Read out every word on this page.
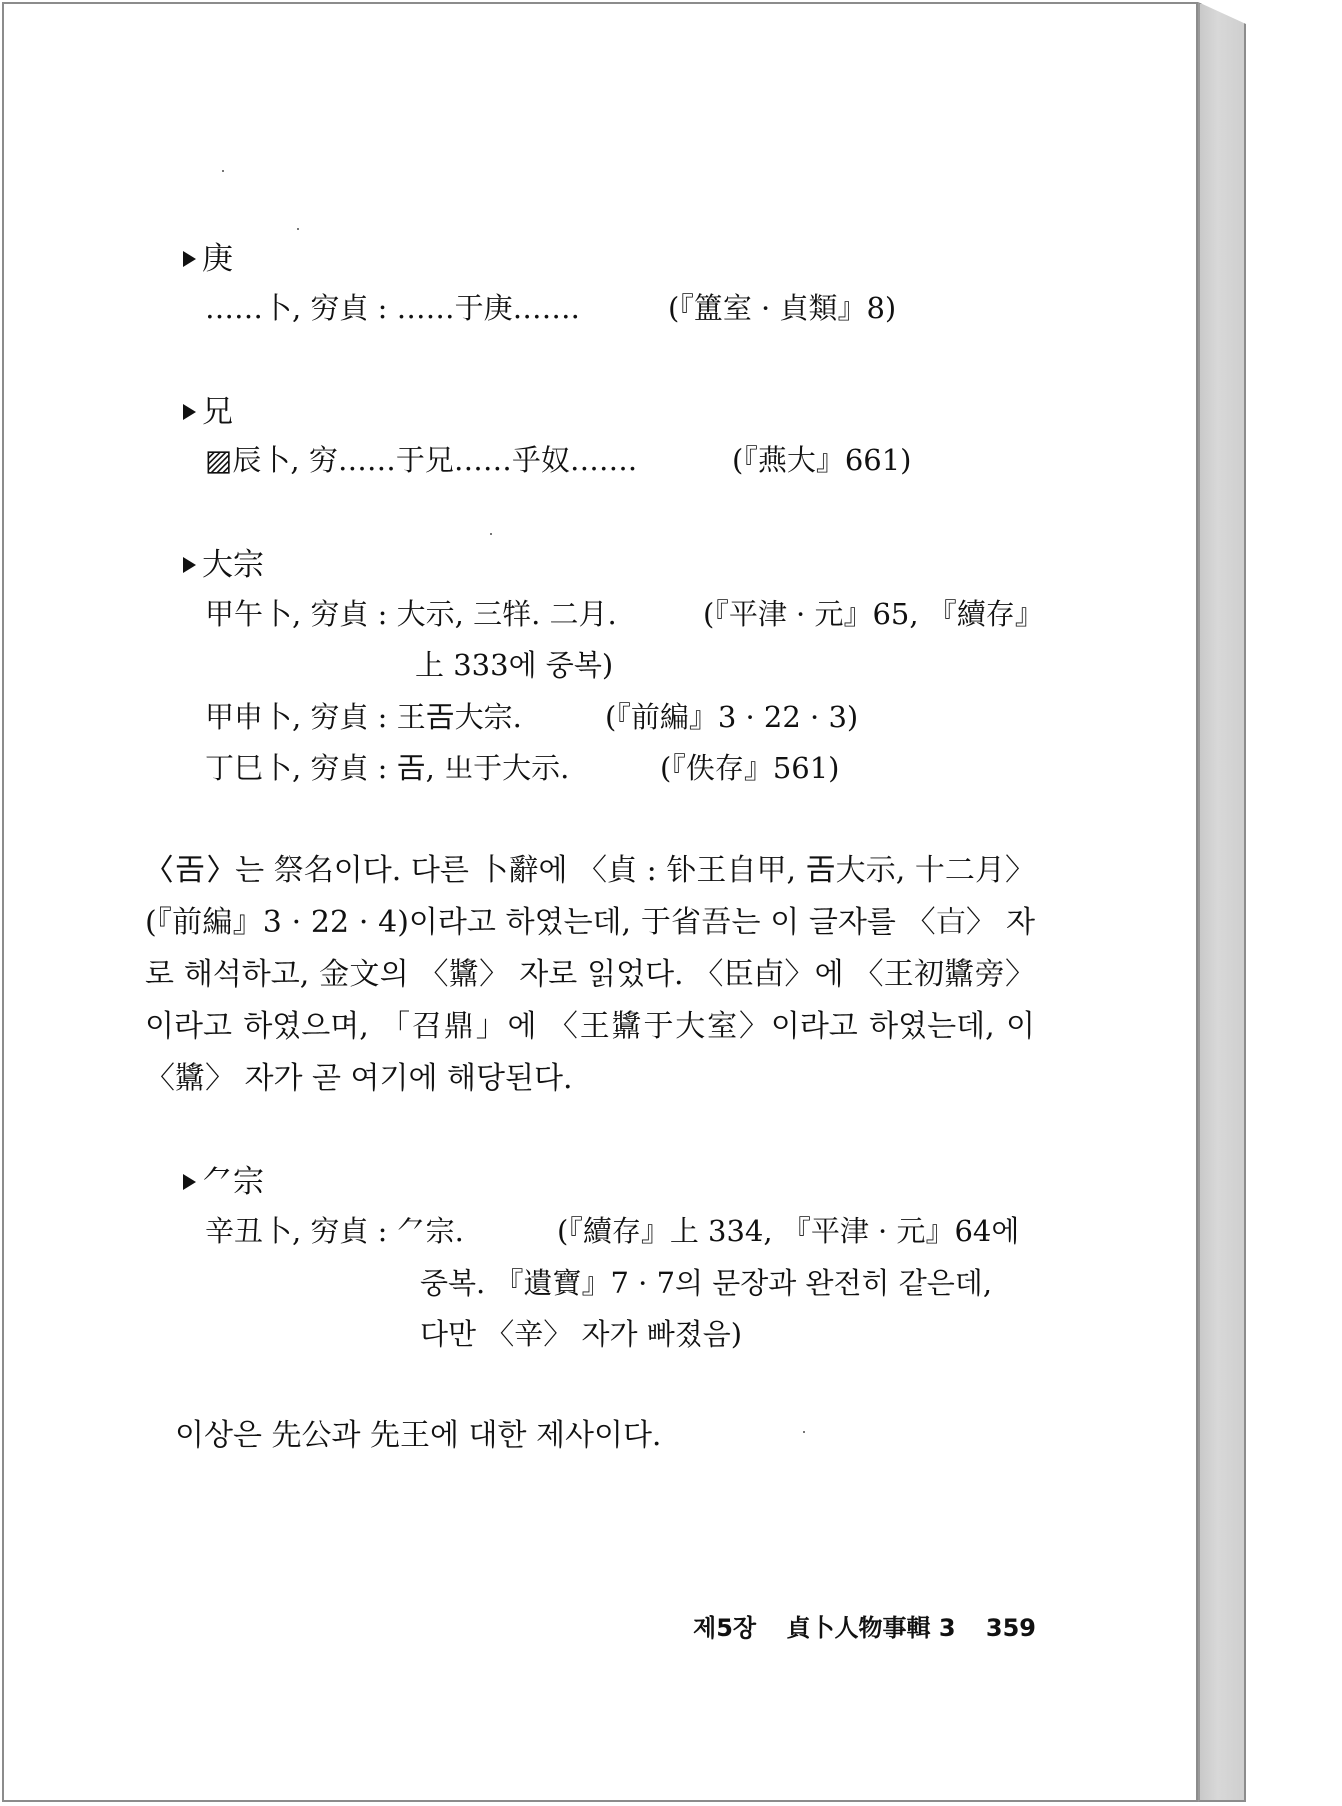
庚
……卜, 穷貞 : ……于庚…….	(『簠室 · 貞類』8)
兄
▨辰卜, 穷……于兄……乎奴…….	(『燕大』661)
大宗
甲午卜, 穷貞 : 大示, 三䍧. 二月.	(『平津 · 元』65, 『續存』
上 333에 중복)
甲申卜, 穷貞 : 王𢀛大宗.	(『前編』3 · 22 · 3)
丁巳卜, 穷貞 : 𢀛, 㞢于大示.	(『佚存』561)
〈𢀛〉는 祭名이다. 다른 卜辭에 〈貞 : 钋王自甲, 𢀛大示, 十二月〉 (『前編』3 · 22 · 4)이라고 하였는데, 于省吾는 이 글자를 〈𣅀〉 자로 해석하고, 金文의 〈䵼〉 자로 읽었다. 〈臣卣〉에 〈王初䵼旁〉이라고 하였으며, 「召鼎」에 〈王䵼于大室〉이라고 하였는데, 이 〈䵼〉 자가 곧 여기에 해당된다.
⺈ 宗
辛丑卜, 穷貞 : ⺈宗.	(『續存』上 334, 『平津 · 元』64에
중복. 『遺寶』7 · 7의 문장과 완전히 같은데,
다만 〈辛〉 자가 빠졌음)
이상은 先公과 先王에 대한 제사이다.
제5장 貞卜人物事輯 3 359
